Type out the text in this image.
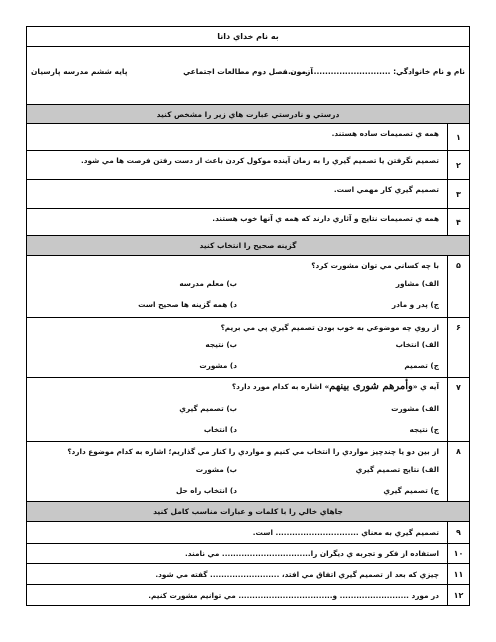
به نام خداي دانا
نام و نام خانوادگي: ......................................
آزمون فصل دوم مطالعات اجتماعي
پايه ششم مدرسه پارسيان
درستي و نادرستي عبارت هاي زير را مشخص كنيد
۱
همه ي تصميمات ساده هستند.
۲
تصميم نگرفتن يا تصميم گيري را به زمان آينده موكول كردن باعث از دست رفتن فرصت ها مي شود.
۳
تصميم گيري كار مهمي است.
۴
همه ي تصميمات نتايج و آثاري دارند كه همه ي آنها خوب هستند.
گزينه صحيح را انتخاب كنيد
۵
با چه كساني مي توان مشورت كرد؟
الف) مشاور
ب) معلم مدرسه
ج) پدر و مادر
د) همه گزينه ها صحيح است
۶
از روي چه موضوعي به خوب بودن تصميم گيري پي مي بريم؟
الف) انتخاب
ب) نتيجه
ج) تصميم
د) مشورت
۷
آيه ي «وأمرهم شورى بينهم» اشاره به كدام مورد دارد؟
الف) مشورت
ب) تصميم گيري
ج) نتيجه
د) انتخاب
۸
از بين دو يا چندچيز مواردي را انتخاب مي كنيم و مواردي را كنار مي گذاريم؛ اشاره به كدام موضوع دارد؟
الف) نتايج تصميم گيري
ب) مشورت
ج) تصميم گيري
د) انتخاب راه حل
جاهاي خالي را با كلمات و عبارات مناسب كامل كنيد
۹
تصميم گيري به معناي .............................. است.
۱۰
استفاده از فكر و تجربه ي ديگران را................................ مي نامند.
۱۱
چيزي كه بعد از تصميم گيري اتفاق مي افتد، ......................... گفته مي شود.
۱۲
در مورد ......................... و.................................. مي توانيم مشورت كنيم.
